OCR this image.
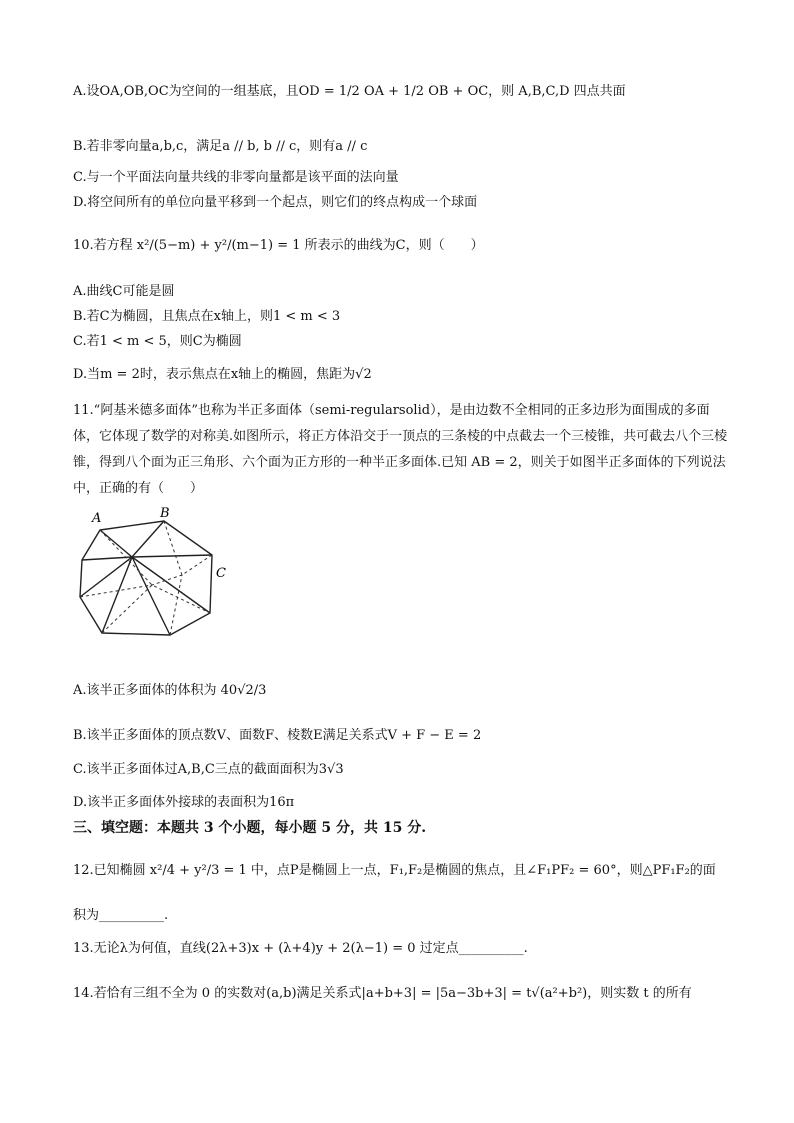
A.设OA,OB,OC为空间的一组基底，且OD = 1/2 OA + 1/2 OB + OC，则 A,B,C,D 四点共面
B.若非零向量a,b,c，满足a // b, b // c，则有a // c
C.与一个平面法向量共线的非零向量都是该平面的法向量
D.将空间所有的单位向量平移到一个起点，则它们的终点构成一个球面
10.若方程 x²/(5−m) + y²/(m−1) = 1 所表示的曲线为C，则（　　）
A.曲线C可能是圆
B.若C为椭圆，且焦点在x轴上，则1 < m < 3
C.若1 < m < 5，则C为椭圆
D.当m = 2时，表示焦点在x轴上的椭圆，焦距为√2
11.“阿基米德多面体”也称为半正多面体（semi-regularsolid），是由边数不全相同的正多边形为面围成的多面体，它体现了数学的对称美.如图所示，将正方体沿交于一顶点的三条棱的中点截去一个三棱锥，共可截去八个三棱锥，得到八个面为正三角形、六个面为正方形的一种半正多面体.已知 AB = 2，则关于如图半正多面体的下列说法中，正确的有（　　）
A	B
C
A.该半正多面体的体积为 40√2/3
B.该半正多面体的顶点数V、面数F、棱数E满足关系式V + F − E = 2
C.该半正多面体过A,B,C三点的截面面积为3√3
D.该半正多面体外接球的表面积为16π
三、填空题：本题共 3 个小题，每小题 5 分，共 15 分.
12.已知椭圆 x²/4 + y²/3 = 1 中，点P是椭圆上一点，F₁,F₂是椭圆的焦点，且∠F₁PF₂ = 60°，则△PF₁F₂的面
积为__________.
13.无论λ为何值，直线(2λ+3)x + (λ+4)y + 2(λ−1) = 0 过定点__________.
14.若恰有三组不全为 0 的实数对(a,b)满足关系式|a+b+3| = |5a−3b+3| = t√(a²+b²)，则实数 t 的所有
